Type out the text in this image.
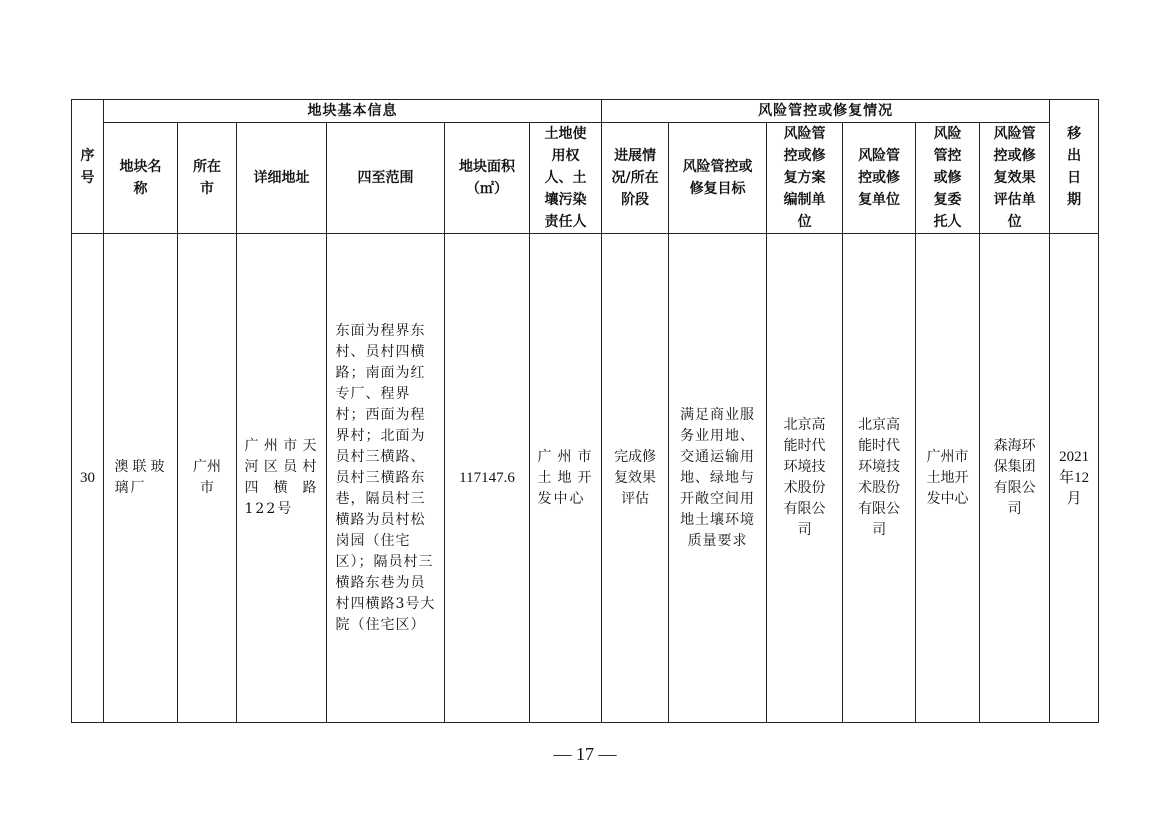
序号	地块基本信息						风险管控或修复情况						移出日期
	地块名称	所在市	详细地址	四至范围	地块面积（㎡）	土地使用权人、土壤污染责任人	进展情况/所在阶段	风险管控或修复目标	风险管控或修复方案编制单位	风险管控或修复单位	风险管控或修复委托人	风险管控或修复效果评估单位	
30	澳联玻璃厂	广州市	广州市天河区员村四横路122号	东面为程界东村、员村四横路；南面为红专厂、程界村；西面为程界村；北面为员村三横路、员村三横路东巷，隔员村三横路为员村松岗园（住宅区）；隔员村三横路东巷为员村四横路3号大院（住宅区）	117147.6	广州市土地开发中心	完成修复效果评估	满足商业服务业用地、交通运输用地、绿地与开敞空间用地土壤环境质量要求	北京高能时代环境技术股份有限公司	北京高能时代环境技术股份有限公司	广州市土地开发中心	森海环保集团有限公司	2021年12月
— 17 —
